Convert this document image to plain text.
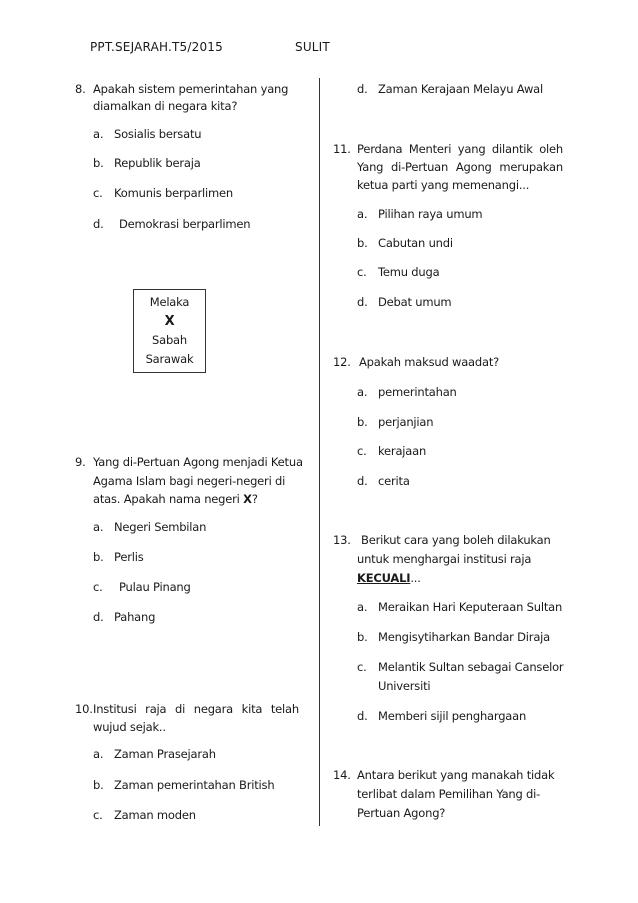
PPT.SEJARAH.T5/2015	SULIT
8. Apakah sistem pemerintahan yang
diamalkan di negara kita?
a. Sosialis bersatu
b. Republik beraja
c. Komunis berparlimen
d. Demokrasi berparlimen
Melaka
X
Sabah
Sarawak
9. Yang di-Pertuan Agong menjadi Ketua
Agama Islam bagi negeri-negeri di
atas. Apakah nama negeri X?
a. Negeri Sembilan
b. Perlis
c. Pulau Pinang
d. Pahang
10. Institusi raja di negara kita telah
wujud sejak..
a. Zaman Prasejarah
b. Zaman pemerintahan British
c. Zaman moden
d. Zaman Kerajaan Melayu Awal
11. Perdana Menteri yang dilantik oleh
Yang di-Pertuan Agong merupakan
ketua parti yang memenangi...
a. Pilihan raya umum
b. Cabutan undi
c. Temu duga
d. Debat umum
12. Apakah maksud waadat?
a. pemerintahan
b. perjanjian
c. kerajaan
d. cerita
13. Berikut cara yang boleh dilakukan
untuk menghargai institusi raja
KECUALI...
a. Meraikan Hari Keputeraan Sultan
b. Mengisytiharkan Bandar Diraja
c. Melantik Sultan sebagai Canselor
Universiti
d. Memberi sijil penghargaan
14. Antara berikut yang manakah tidak
terlibat dalam Pemilihan Yang di-
Pertuan Agong?
